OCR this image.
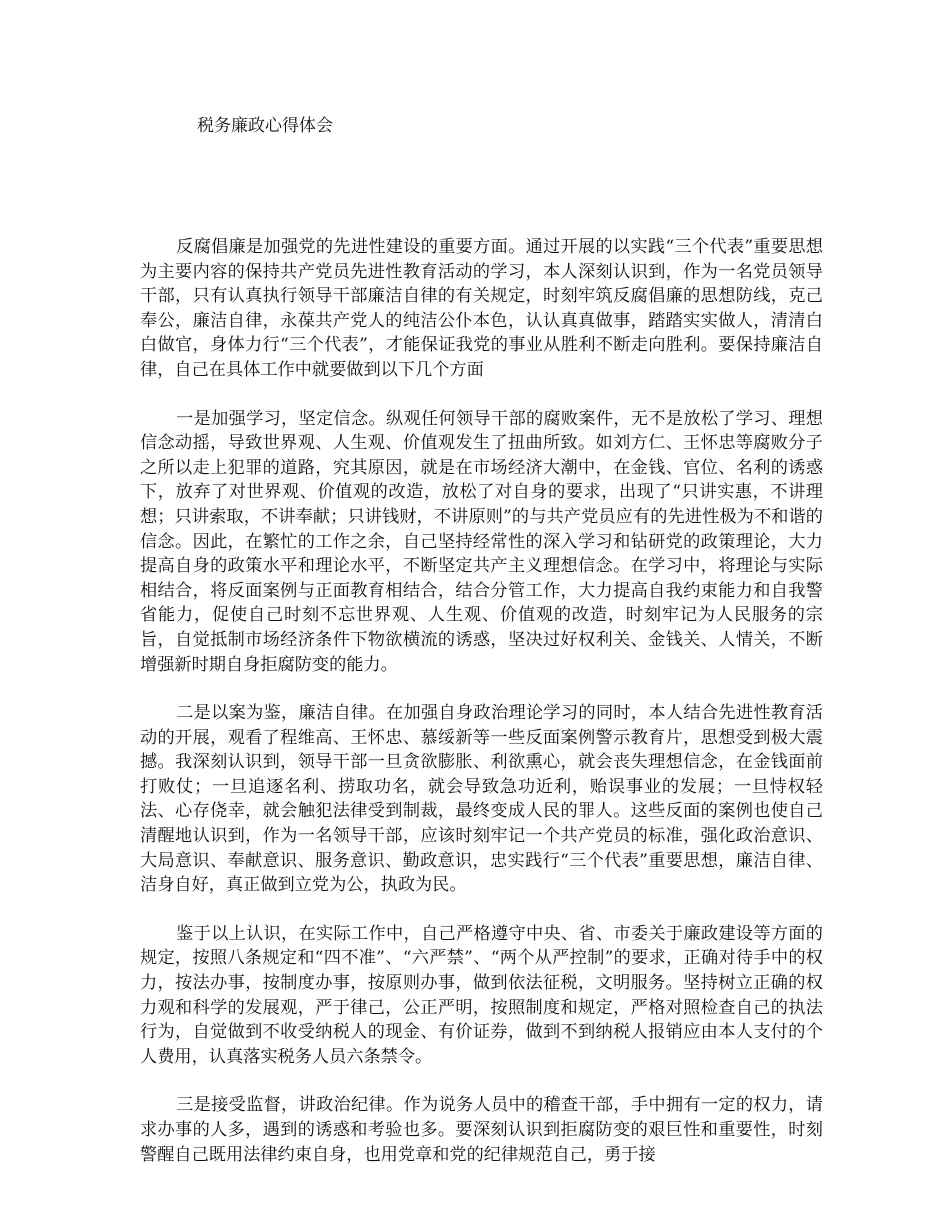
税务廉政心得体会

反腐倡廉是加强党的先进性建设的重要方面。通过开展的以实践“三个代表”重要思想为主要内容的保持共产党员先进性教育活动的学习，本人深刻认识到，作为一名党员领导干部，只有认真执行领导干部廉洁自律的有关规定，时刻牢筑反腐倡廉的思想防线，克己奉公，廉洁自律，永葆共产党人的纯洁公仆本色，认认真真做事，踏踏实实做人，清清白白做官，身体力行“三个代表”，才能保证我党的事业从胜利不断走向胜利。要保持廉洁自律，自己在具体工作中就要做到以下几个方面

一是加强学习，坚定信念。纵观任何领导干部的腐败案件，无不是放松了学习、理想信念动摇，导致世界观、人生观、价值观发生了扭曲所致。如刘方仁、王怀忠等腐败分子之所以走上犯罪的道路，究其原因，就是在市场经济大潮中，在金钱、官位、名利的诱惑下，放弃了对世界观、价值观的改造，放松了对自身的要求，出现了“只讲实惠，不讲理想；只讲索取，不讲奉献；只讲钱财，不讲原则”的与共产党员应有的先进性极为不和谐的信念。因此，在繁忙的工作之余，自己坚持经常性的深入学习和钻研党的政策理论，大力提高自身的政策水平和理论水平，不断坚定共产主义理想信念。在学习中，将理论与实际相结合，将反面案例与正面教育相结合，结合分管工作，大力提高自我约束能力和自我警省能力，促使自己时刻不忘世界观、人生观、价值观的改造，时刻牢记为人民服务的宗旨，自觉抵制市场经济条件下物欲横流的诱惑，坚决过好权利关、金钱关、人情关，不断增强新时期自身拒腐防变的能力。

二是以案为鉴，廉洁自律。在加强自身政治理论学习的同时，本人结合先进性教育活动的开展，观看了程维高、王怀忠、慕绥新等一些反面案例警示教育片，思想受到极大震撼。我深刻认识到，领导干部一旦贪欲膨胀、利欲熏心，就会丧失理想信念，在金钱面前打败仗；一旦追逐名利、捞取功名，就会导致急功近利，贻误事业的发展；一旦恃权轻法、心存侥幸，就会触犯法律受到制裁，最终变成人民的罪人。这些反面的案例也使自己清醒地认识到，作为一名领导干部，应该时刻牢记一个共产党员的标准，强化政治意识、大局意识、奉献意识、服务意识、勤政意识，忠实践行“三个代表”重要思想，廉洁自律、洁身自好，真正做到立党为公，执政为民。

鉴于以上认识，在实际工作中，自己严格遵守中央、省、市委关于廉政建设等方面的规定，按照八条规定和“四不准”、“六严禁”、“两个从严控制”的要求，正确对待手中的权力，按法办事，按制度办事，按原则办事，做到依法征税，文明服务。坚持树立正确的权力观和科学的发展观，严于律己，公正严明，按照制度和规定，严格对照检查自己的执法行为，自觉做到不收受纳税人的现金、有价证券，做到不到纳税人报销应由本人支付的个人费用，认真落实税务人员六条禁令。

三是接受监督，讲政治纪律。作为说务人员中的稽查干部，手中拥有一定的权力，请求办事的人多，遇到的诱惑和考验也多。要深刻认识到拒腐防变的艰巨性和重要性，时刻警醒自己既用法律约束自身，也用党章和党的纪律规范自己，勇于接
